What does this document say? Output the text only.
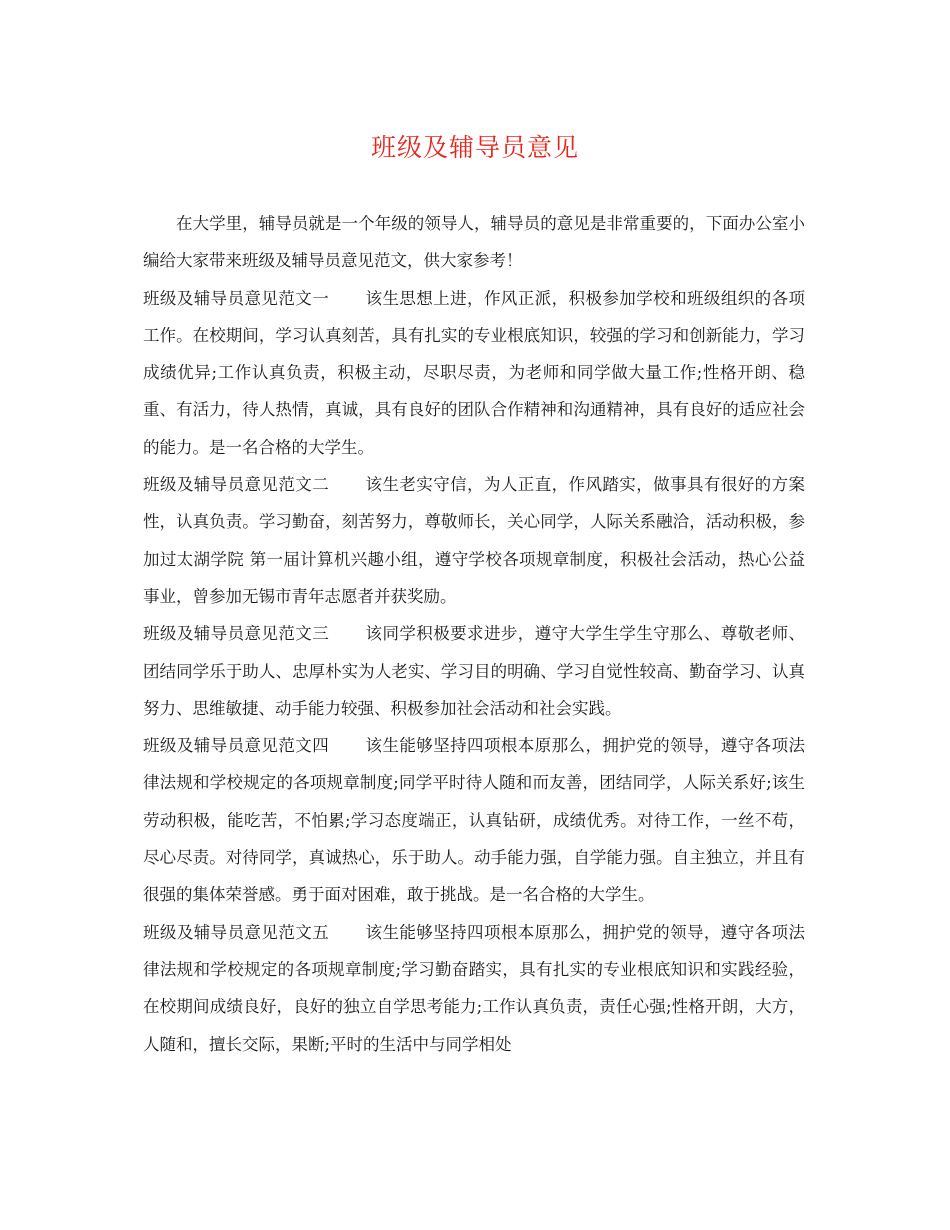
班级及辅导员意见

在大学里，辅导员就是一个年级的领导人，辅导员的意见是非常重要的，下面办公室小编给大家带来班级及辅导员意见范文，供大家参考！

班级及辅导员意见范文一 该生思想上进，作风正派，积极参加学校和班级组织的各项工作。在校期间，学习认真刻苦，具有扎实的专业根底知识，较强的学习和创新能力，学习成绩优异;工作认真负责，积极主动，尽职尽责，为老师和同学做大量工作;性格开朗、稳重、有活力，待人热情，真诚，具有良好的团队合作精神和沟通精神，具有良好的适应社会的能力。是一名合格的大学生。

班级及辅导员意见范文二 该生老实守信，为人正直，作风踏实，做事具有很好的方案性，认真负责。学习勤奋，刻苦努力，尊敬师长，关心同学，人际关系融洽，活动积极，参加过太湖学院 第一届计算机兴趣小组，遵守学校各项规章制度，积极社会活动，热心公益事业，曾参加无锡市青年志愿者并获奖励。

班级及辅导员意见范文三 该同学积极要求进步，遵守大学生学生守那么、尊敬老师、团结同学乐于助人、忠厚朴实为人老实、学习目的明确、学习自觉性较高、勤奋学习、认真努力、思维敏捷、动手能力较强、积极参加社会活动和社会实践。

班级及辅导员意见范文四 该生能够坚持四项根本原那么，拥护党的领导，遵守各项法律法规和学校规定的各项规章制度;同学平时待人随和而友善，团结同学，人际关系好;该生劳动积极，能吃苦，不怕累;学习态度端正，认真钻研，成绩优秀。对待工作，一丝不苟，尽心尽责。对待同学，真诚热心，乐于助人。动手能力强，自学能力强。自主独立，并且有很强的集体荣誉感。勇于面对困难，敢于挑战。是一名合格的大学生。

班级及辅导员意见范文五 该生能够坚持四项根本原那么，拥护党的领导，遵守各项法律法规和学校规定的各项规章制度;学习勤奋踏实，具有扎实的专业根底知识和实践经验，在校期间成绩良好，良好的独立自学思考能力;工作认真负责，责任心强;性格开朗，大方，人随和，擅长交际，果断;平时的生活中与同学相处
